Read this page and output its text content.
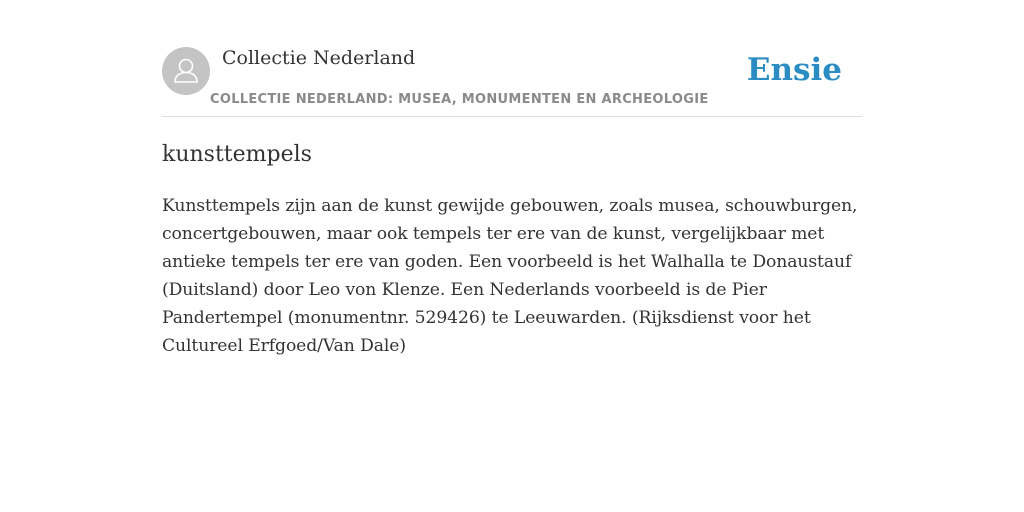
Collectie Nederland
COLLECTIE NEDERLAND: MUSEA, MONUMENTEN EN ARCHEOLOGIE
Ensie
kunsttempels

Kunsttempels zijn aan de kunst gewijde gebouwen, zoals musea, schouwburgen, concertgebouwen, maar ook tempels ter ere van de kunst, vergelijkbaar met antieke tempels ter ere van goden. Een voorbeeld is het Walhalla te Donaustauf (Duitsland) door Leo von Klenze. Een Nederlands voorbeeld is de Pier Pandertempel (monumentnr. 529426) te Leeuwarden. (Rijksdienst voor het Cultureel Erfgoed/Van Dale)
